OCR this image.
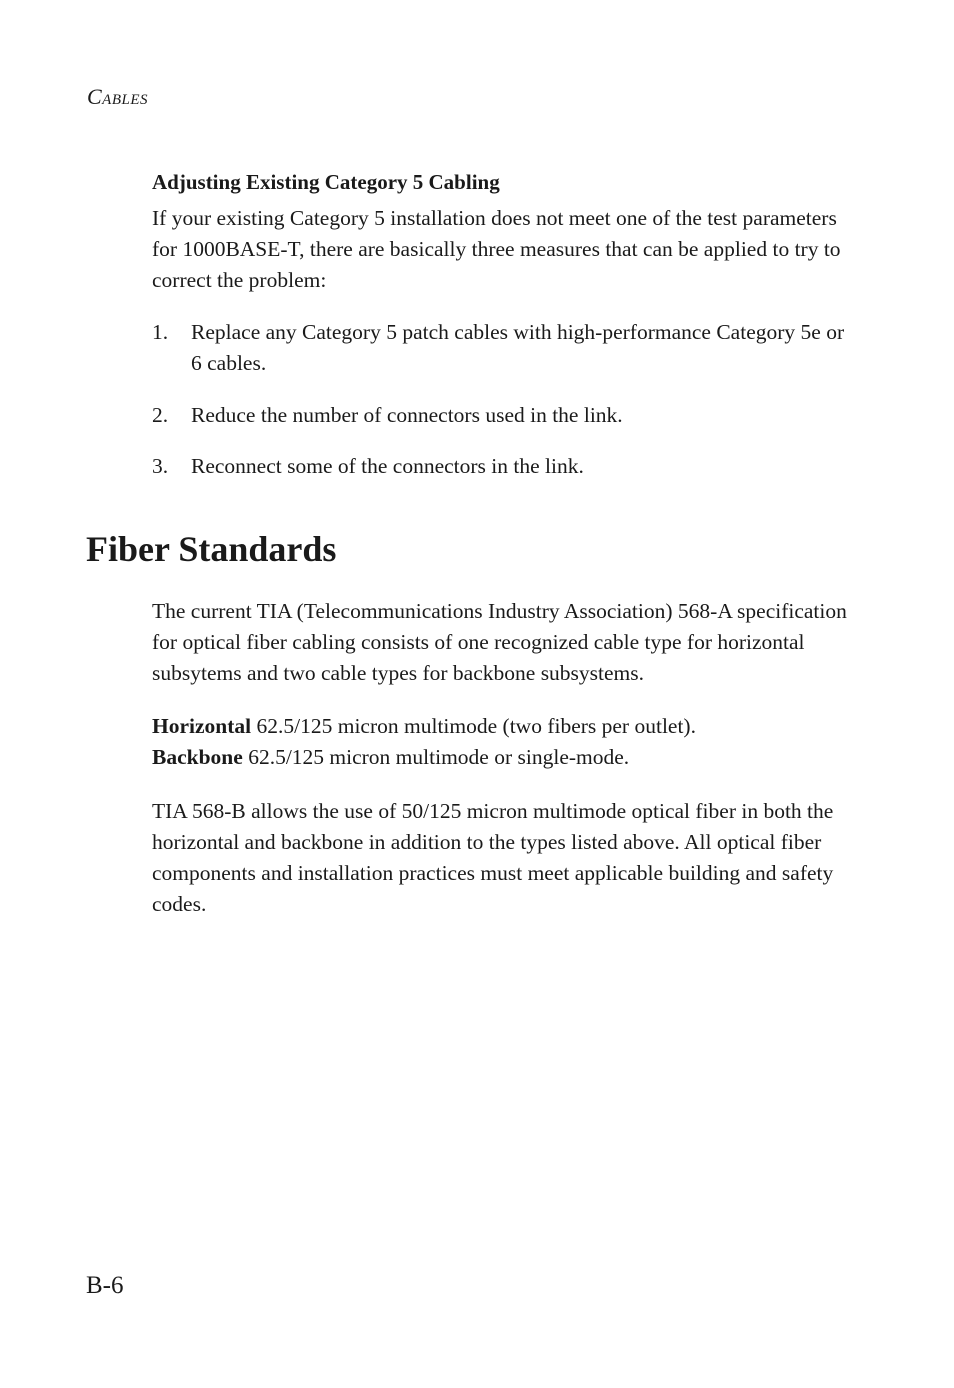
Cables
Adjusting Existing Category 5 Cabling

If your existing Category 5 installation does not meet one of the test parameters for 1000BASE-T, there are basically three measures that can be applied to try to correct the problem:

1.	Replace any Category 5 patch cables with high-performance Category 5e or 6 cables.
2.	Reduce the number of connectors used in the link.
3.	Reconnect some of the connectors in the link.
Fiber Standards

The current TIA (Telecommunications Industry Association) 568-A specification for optical fiber cabling consists of one recognized cable type for horizontal subsytems and two cable types for backbone subsystems.

Horizontal 62.5/125 micron multimode (two fibers per outlet).
Backbone 62.5/125 micron multimode or single-mode.

TIA 568-B allows the use of 50/125 micron multimode optical fiber in both the horizontal and backbone in addition to the types listed above. All optical fiber components and installation practices must meet applicable building and safety codes.

B-6
